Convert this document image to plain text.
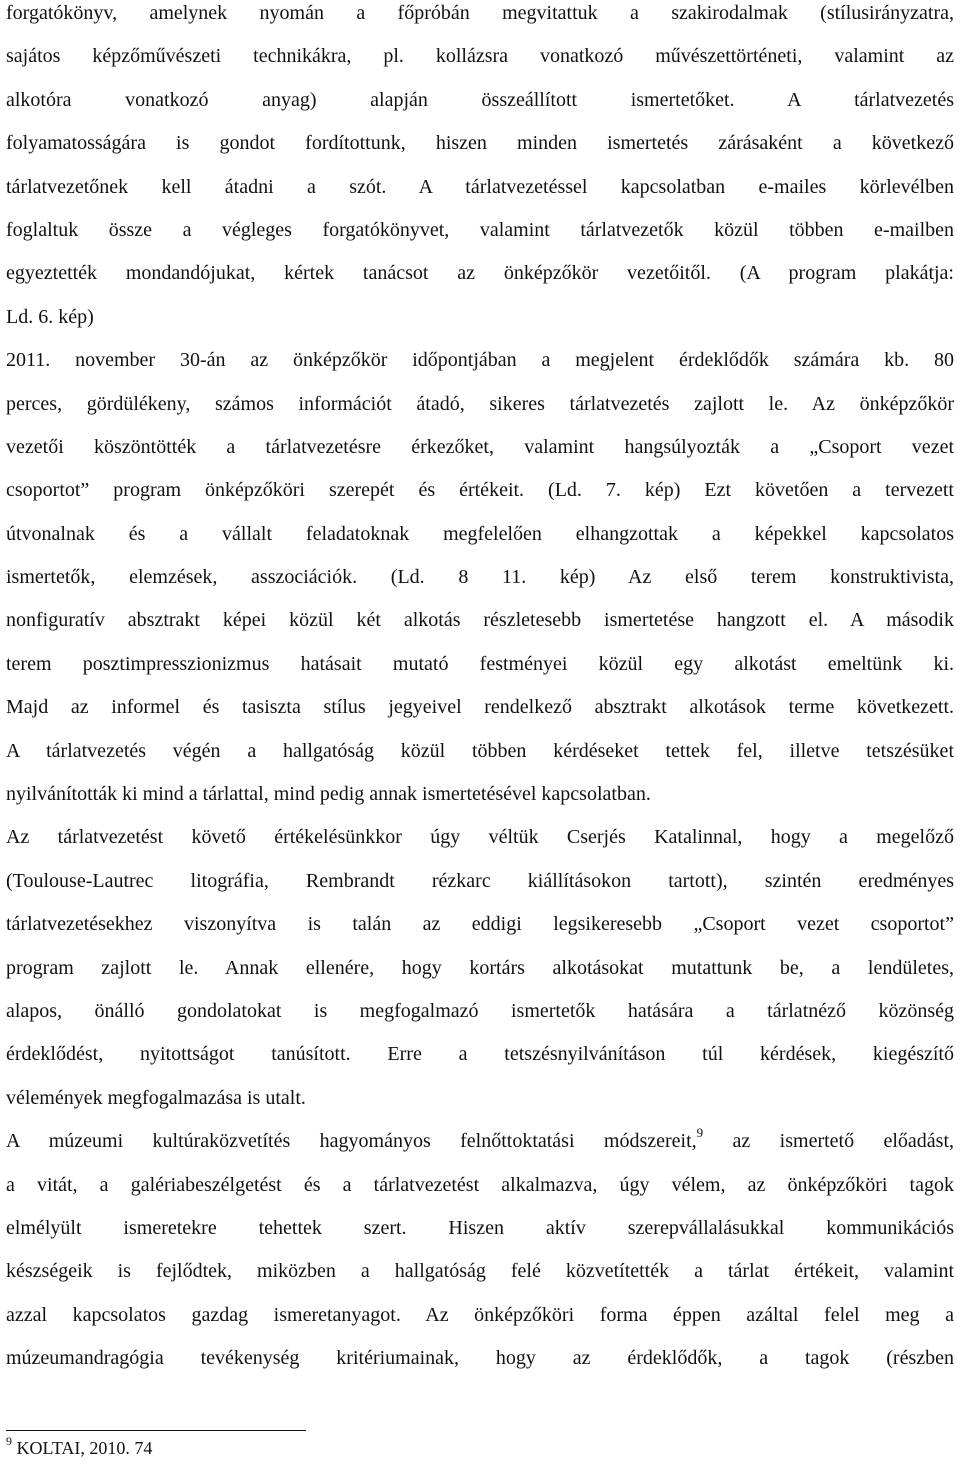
forgatókönyv, amelynek nyomán a főpróbán megvitattuk a szakirodalmak (stílusirányzatra,
sajátos képzőművészeti technikákra, pl. kollázsra vonatkozó művészettörténeti, valamint az
alkotóra vonatkozó anyag) alapján összeállított ismertetőket. A tárlatvezetés
folyamatosságára is gondot fordítottunk, hiszen minden ismertetés zárásaként a következő
tárlatvezetőnek kell átadni a szót. A tárlatvezetéssel kapcsolatban e-mailes körlevélben
foglaltuk össze a végleges forgatókönyvet, valamint tárlatvezetők közül többen e-mailben
egyeztették mondandójukat, kértek tanácsot az önképzőkör vezetőitől. (A program plakátja:
Ld. 6. kép)
2011. november 30-án az önképzőkör időpontjában a megjelent érdeklődők számára kb. 80
perces, gördülékeny, számos információt átadó, sikeres tárlatvezetés zajlott le. Az önképzőkör
vezetői köszöntötték a tárlatvezetésre érkezőket, valamint hangsúlyozták a „Csoport vezet
csoportot” program önképzőköri szerepét és értékeit. (Ld. 7. kép) Ezt követően a tervezett
útvonalnak és a vállalt feladatoknak megfelelően elhangzottak a képekkel kapcsolatos
ismertetők, elemzések, asszociációk. (Ld. 8 11. kép) Az első terem konstruktivista,
nonfiguratív absztrakt képei közül két alkotás részletesebb ismertetése hangzott el. A második
terem posztimpresszionizmus hatásait mutató festményei közül egy alkotást emeltünk ki.
Majd az informel és tasiszta stílus jegyeivel rendelkező absztrakt alkotások terme következett.
A tárlatvezetés végén a hallgatóság közül többen kérdéseket tettek fel, illetve tetszésüket
nyilvánították ki mind a tárlattal, mind pedig annak ismertetésével kapcsolatban.
Az tárlatvezetést követő értékelésünkkor úgy véltük Cserjés Katalinnal, hogy a megelőző
(Toulouse-Lautrec litográfia, Rembrandt rézkarc kiállításokon tartott), szintén eredményes
tárlatvezetésekhez viszonyítva is talán az eddigi legsikeresebb „Csoport vezet csoportot”
program zajlott le. Annak ellenére, hogy kortárs alkotásokat mutattunk be, a lendületes,
alapos, önálló gondolatokat is megfogalmazó ismertetők hatására a tárlatnéző közönség
érdeklődést, nyitottságot tanúsított. Erre a tetszésnyilvánításon túl kérdések, kiegészítő
vélemények megfogalmazása is utalt.
A múzeumi kultúraközvetítés hagyományos felnőttoktatási módszereit,$^9$ az ismertető előadást,
a vitát, a galériabeszélgetést és a tárlatvezetést alkalmazva, úgy vélem, az önképzőköri tagok
elmélyült ismeretekre tehettek szert. Hiszen aktív szerepvállalásukkal kommunikációs
készségeik is fejlődtek, miközben a hallgatóság felé közvetítették a tárlat értékeit, valamint
azzal kapcsolatos gazdag ismeretanyagot. Az önképzőköri forma éppen azáltal felel meg a
múzeumandragógia tevékenység kritériumainak, hogy az érdeklődők, a tagok (részben
$^9$ KOLTAI, 2010. 74
